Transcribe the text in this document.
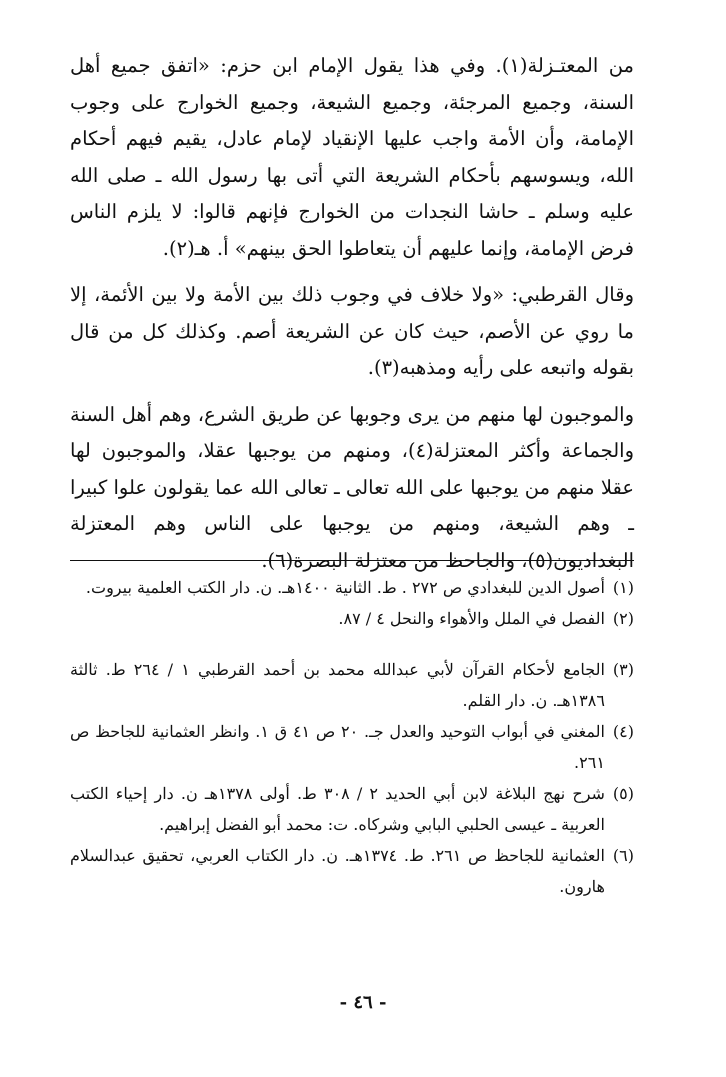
من المعتـزلة(١). وفي هذا يقول الإمام ابن حزم: «اتفق جميع أهل السنة، وجميع المرجئة، وجميع الشيعة، وجميع الخوارج على وجوب الإمامة، وأن الأمة واجب عليها الإنقياد لإمام عادل، يقيم فيهم أحكام الله، ويسوسهم بأحكام الشريعة التي أتى بها رسول الله ـ صلى الله عليه وسلم ـ حاشا النجدات من الخوارج فإنهم قالوا: لا يلزم الناس فرض الإمامة، وإنما عليهم أن يتعاطوا الحق بينهم» أ. هـ(٢).

وقال القرطبي: «ولا خلاف في وجوب ذلك بين الأمة ولا بين الأئمة، إلا ما روي عن الأصم، حيث كان عن الشريعة أصم. وكذلك كل من قال بقوله واتبعه على رأيه ومذهبه(٣).

والموجبون لها منهم من يرى وجوبها عن طريق الشرع، وهم أهل السنة والجماعة وأكثر المعتزلة(٤)، ومنهم من يوجبها عقلا، والموجبون لها عقلا منهم من يوجبها على الله تعالى ـ تعالى الله عما يقولون علوا كبيرا ـ وهم الشيعة، ومنهم من يوجبها على الناس وهم المعتزلة البغداديون(٥)، والجاحظ من معتزلة البصرة(٦).

(١)
أصول الدين للبغدادي ص ٢٧٢ . ط. الثانية ١٤٠٠هـ. ن. دار الكتب العلمية بيروت.
(٢)
الفصل في الملل والأهواء والنحل ٤ / ٨٧.
(٣)
الجامع لأحكام القرآن لأبي عبدالله محمد بن أحمد القرطبي ١ / ٢٦٤ ط. ثالثة ١٣٨٦هـ. ن. دار القلم.
(٤)
المغني في أبواب التوحيد والعدل جـ. ٢٠ ص ٤١ ق ١. وانظر العثمانية للجاحظ ص ٢٦١.
(٥)
شرح نهج البلاغة لابن أبي الحديد ٢ / ٣٠٨ ط. أولى ١٣٧٨هـ ن. دار إحياء الكتب العربية ـ عيسى الحلبي البابي وشركاه. ت: محمد أبو الفضل إبراهيم.
(٦)
العثمانية للجاحظ ص ٢٦١. ط. ١٣٧٤هـ. ن. دار الكتاب العربي، تحقيق عبدالسلام هارون.
- ٤٦ -
